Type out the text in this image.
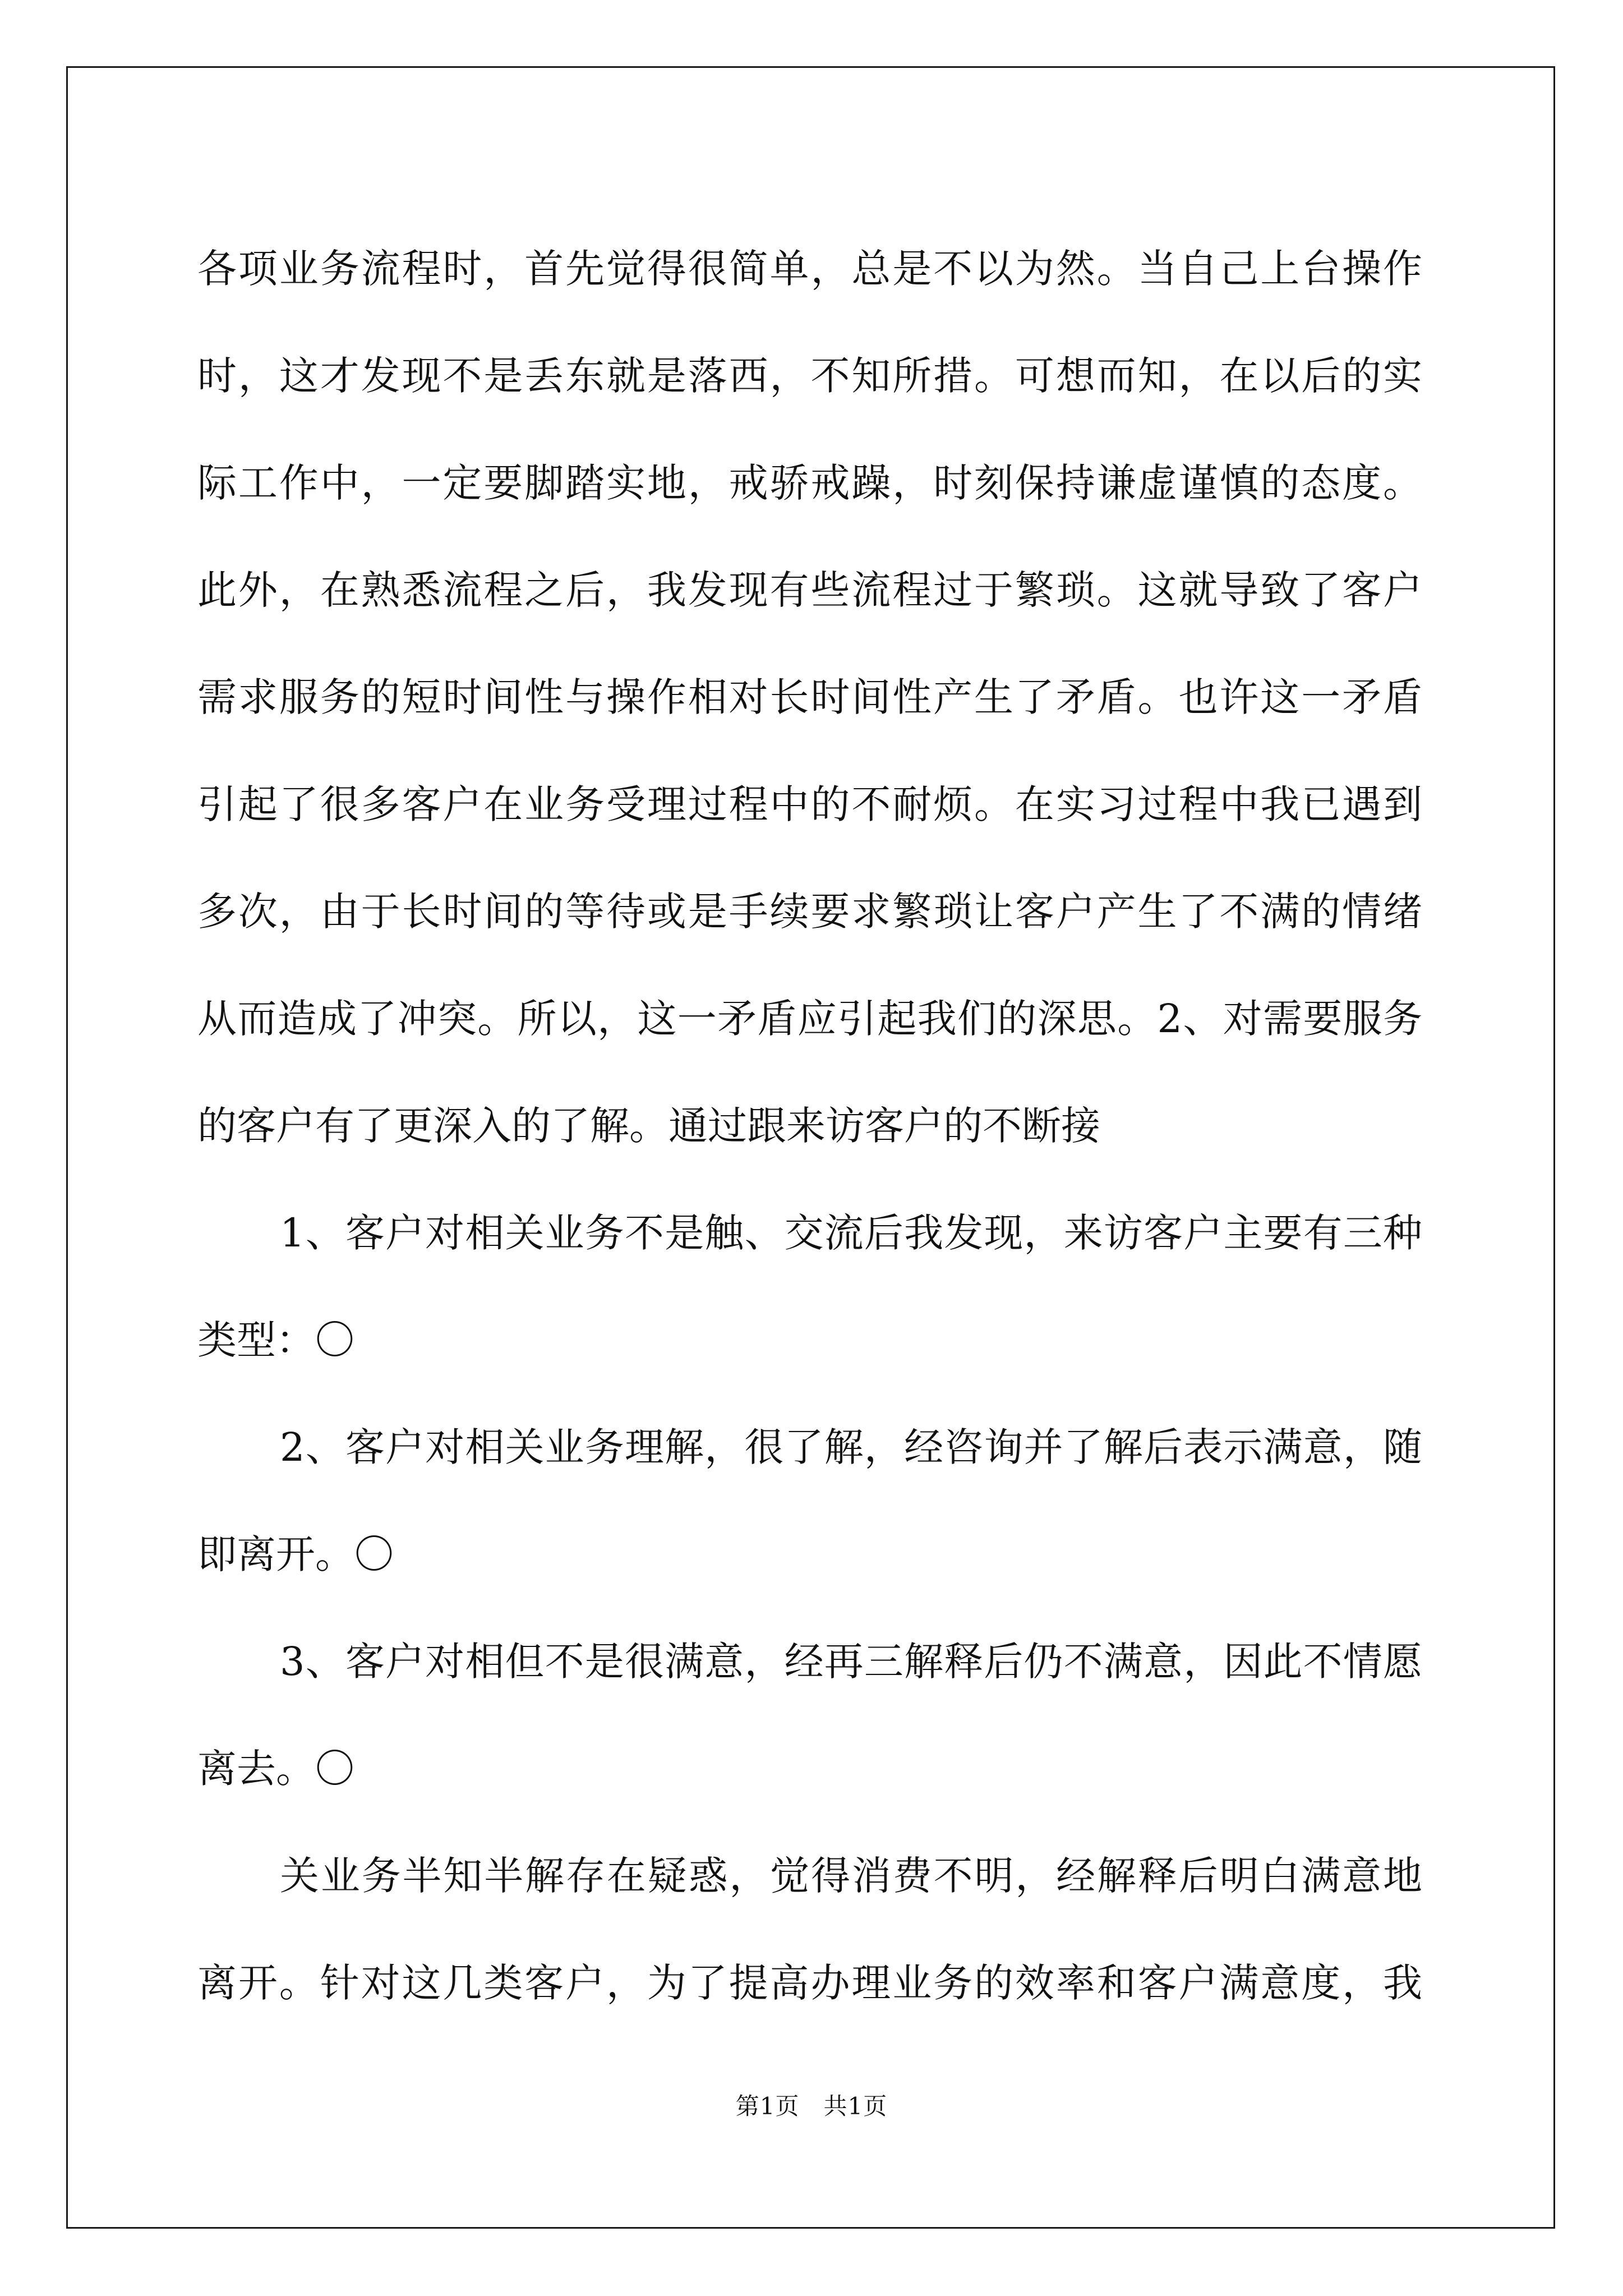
各项业务流程时，首先觉得很简单，总是不以为然。当自己上台操作
时，这才发现不是丢东就是落西，不知所措。可想而知，在以后的实
际工作中，一定要脚踏实地，戒骄戒躁，时刻保持谦虚谨慎的态度。
此外，在熟悉流程之后，我发现有些流程过于繁琐。这就导致了客户
需求服务的短时间性与操作相对长时间性产生了矛盾。也许这一矛盾
引起了很多客户在业务受理过程中的不耐烦。在实习过程中我已遇到
多次，由于长时间的等待或是手续要求繁琐让客户产生了不满的情绪
从而造成了冲突。所以，这一矛盾应引起我们的深思。2、对需要服务
的客户有了更深入的了解。通过跟来访客户的不断接
1、客户对相关业务不是触、交流后我发现，来访客户主要有三种
类型：〇
2、客户对相关业务理解，很了解，经咨询并了解后表示满意，随
即离开。〇
3、客户对相但不是很满意，经再三解释后仍不满意，因此不情愿
离去。〇
关业务半知半解存在疑惑，觉得消费不明，经解释后明白满意地
离开。针对这几类客户，为了提高办理业务的效率和客户满意度，我
第1页　共1页
